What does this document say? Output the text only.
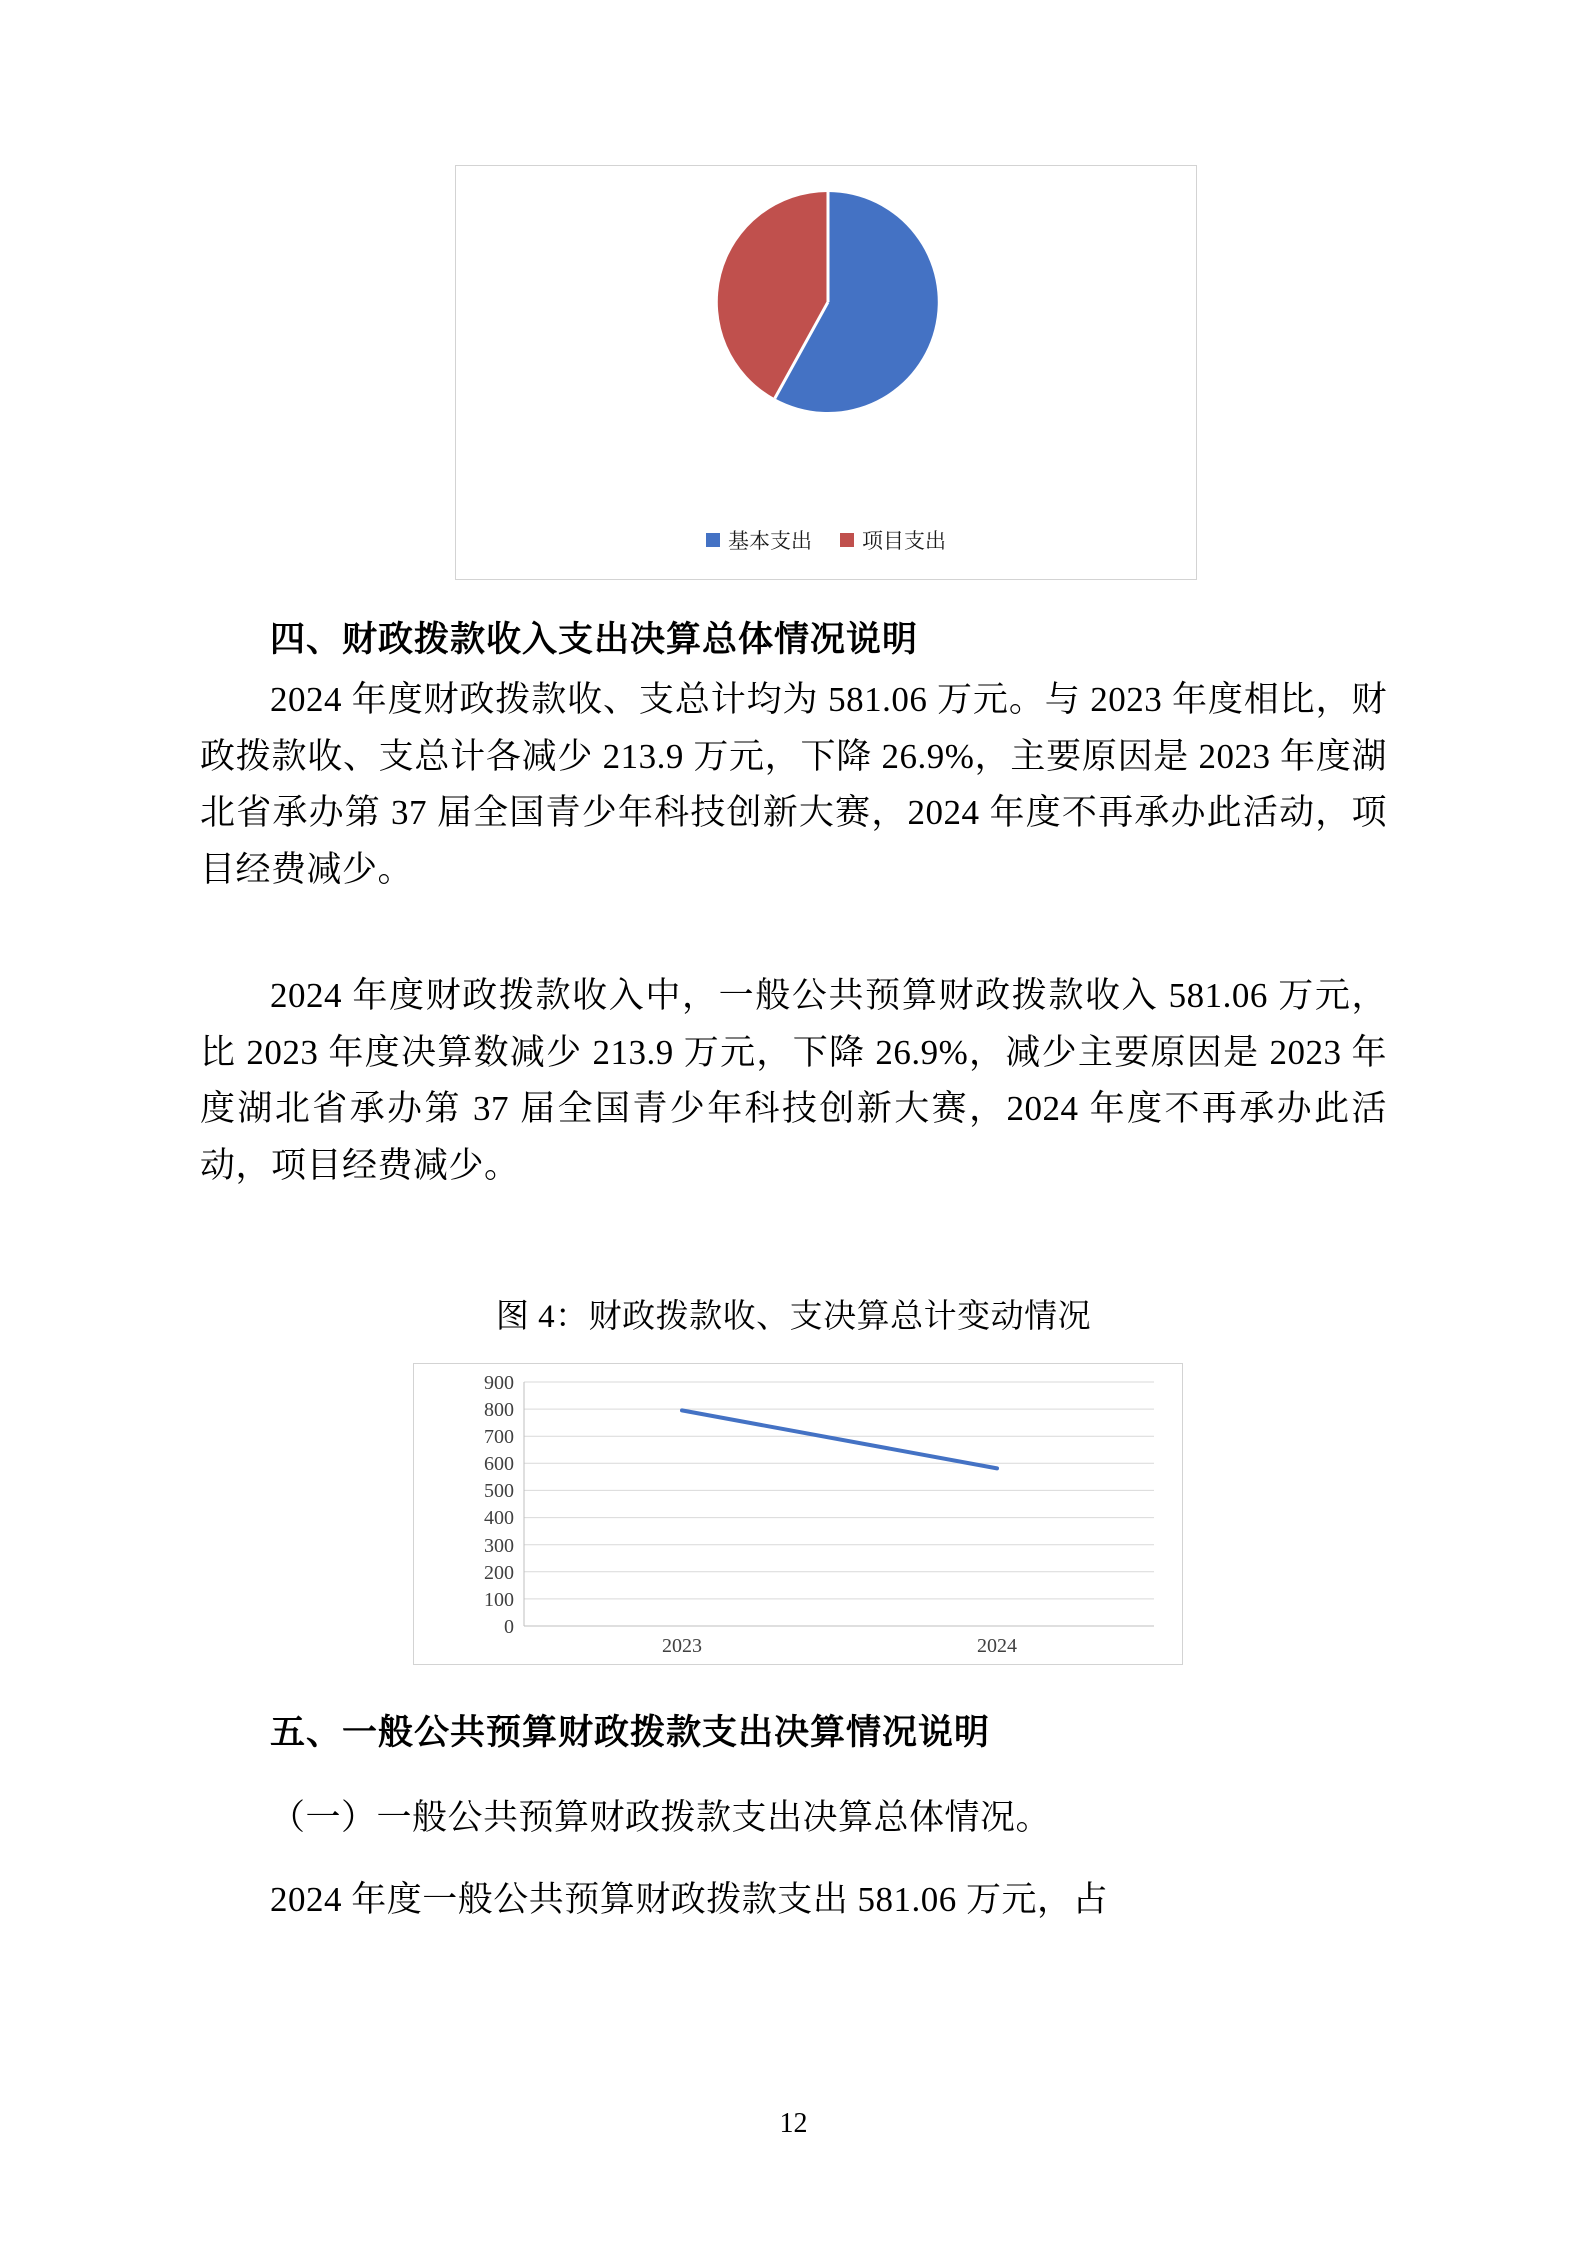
基本支出 项目支出
四、财政拨款收入支出决算总体情况说明

2024 年度财政拨款收、支总计均为 581.06 万元。与 2023 年度相比，财政拨款收、支总计各减少 213.9 万元，下降 26.9%，主要原因是 2023 年度湖北省承办第 37 届全国青少年科技创新大赛，2024 年度不再承办此活动，项目经费减少。

2024 年度财政拨款收入中，一般公共预算财政拨款收入 581.06 万元，比 2023 年度决算数减少 213.9 万元，下降 26.9%，减少主要原因是 2023 年度湖北省承办第 37 届全国青少年科技创新大赛，2024 年度不再承办此活动，项目经费减少。

图 4：财政拨款收、支决算总计变动情况

900
800
700
600
500
400
300
200
100
0
2023	2024
五、一般公共预算财政拨款支出决算情况说明

（一）一般公共预算财政拨款支出决算总体情况。

2024 年度一般公共预算财政拨款支出 581.06 万元，占

12
